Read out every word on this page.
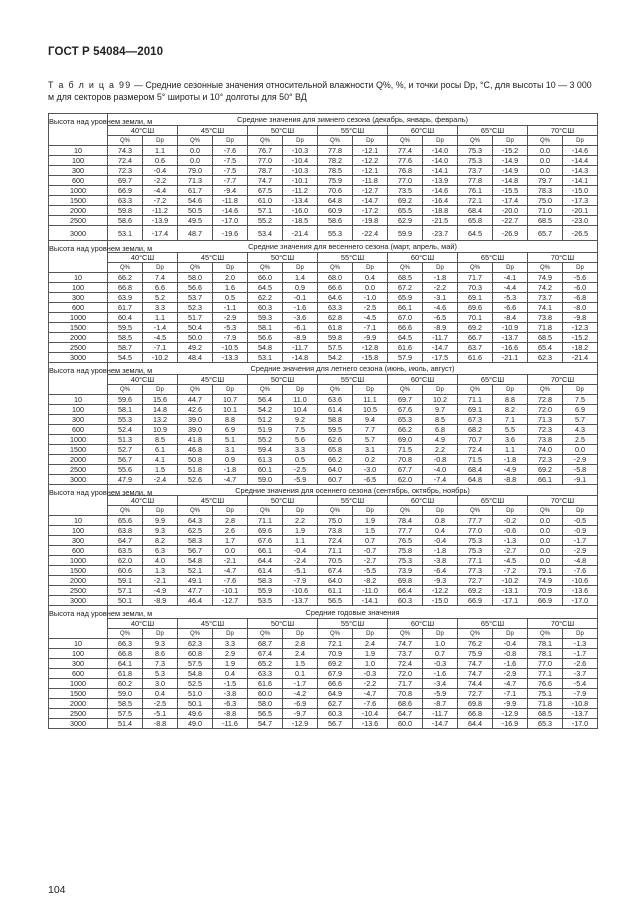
ГОСТ Р 54084—2010
Т а б л и ц а 99 — Средние сезонные значения относительной влажности Q%, %, и точки росы Dp, °С, для высоты 10 — 3 000 м для секторов размером 5° широты и 10° долготы для 50° ВД
Высота над уровнем земли, м	Средние значения для зимнего сезона (декабрь, январь, февраль)													
	40°СШ		45°СШ		50°СШ		55°СШ		60°СШ		65°СШ		70°СШ	
	Q%	Dp	Q%	Dp	Q%	Dp	Q%	Dp	Q%	Dp	Q%	Dp	Q%	Dp
10	74.3	1.1	0.0	-7.6	76.7	-10.3	77.8	-12.1	77.4	-14.0	75.3	-15.2	0.0	-14.6
100	72.4	0.6	0.0	-7.5	77.0	-10.4	78.2	-12.2	77.6	-14.0	75.3	-14.9	0.0	-14.4
300	72.3	-0.4	79.0	-7.5	78.7	-10.3	78.5	-12.1	76.8	-14.1	73.7	-14.9	0.0	-14.3
600	69.7	-2.2	71.3	-7.7	74.7	-10.1	75.9	-11.8	77.0	-13.9	77.8	-14.8	79.7	-14.1
1000	66.9	-4.4	61.7	-9.4	67.5	-11.2	70.6	-12.7	73.5	-14.6	76.1	-15.5	78.3	-15.0
1500	63.3	-7.2	54.6	-11.8	61.0	-13.4	64.8	-14.7	69.2	-16.4	72.1	-17.4	75.0	-17.3
2000	59.8	-11.2	50.5	-14.6	57.1	-16.0	60.9	-17.2	65.5	-18.8	68.4	-20.0	71.0	-20.1
2500	58.6	-13.9	49.5	-17.0	55.2	-18.5	58.6	-19.8	62.9	-21.5	65.8	-22.7	68.5	-23.0
3000	53.1	-17.4	48.7	-19.6	53.4	-21.4	55.3	-22.4	59.9	-23.7	64.5	-26.9	65.7	-26.5
Высота над уровнем земли, м	Средние значения для весеннего сезона (март, апрель, май)													
	40°СШ		45°СШ		50°СШ		55°СШ		60°СШ		65°СШ		70°СШ	
	Q%	Dp	Q%	Dp	Q%	Dp	Q%	Dp	Q%	Dp	Q%	Dp	Q%	Dp
10	66.2	7.4	58.0	2.0	66.0	1.4	68.0	0.4	68.5	-1.8	71.7	-4.1	74.9	-5.6
100	66.8	6.6	56.6	1.6	64.5	0.9	66.6	0.0	67.2	-2.2	70.3	-4.4	74.2	-6.0
300	63.9	5.2	53.7	0.5	62.2	-0.1	64.6	-1.0	65.9	-3.1	69.1	-5.3	73.7	-6.8
600	61.7	3.3	52.3	-1.1	60.3	-1.6	63.3	-2.5	66.1	-4.6	69.6	-6.6	74.1	-8.0
1000	60.4	1.1	51.7	-2.9	59.3	-3.6	62.8	-4.5	67.0	-6.5	70.1	-8.4	73.8	-9.8
1500	59.5	-1.4	50.4	-5.3	58.1	-6.1	61.8	-7.1	66.6	-8.9	69.2	-10.9	71.8	-12.3
2000	58.5	-4.5	50.0	-7.9	56.6	-8.9	59.8	-9.9	64.5	-11.7	66.7	-13.7	68.5	-15.2
2500	58.7	-7.1	49.2	-10.5	54.8	-11.7	57.5	-12.8	61.6	-14.7	63.7	-16.6	65.4	-18.2
3000	54.5	-10.2	48.4	-13.3	53.1	-14.8	54.2	-15.8	57.9	-17.5	61.6	-21.1	62.3	-21.4
Высота над уровнем земли, м	Средние значения для летнего сезона (июнь, июль, август)													
	40°СШ		45°СШ		50°СШ		55°СШ		60°СШ		65°СШ		70°СШ	
	Q%	Dp	Q%	Dp	Q%	Dp	Q%	Dp	Q%	Dp	Q%	Dp	Q%	Dp
10	59.6	15.6	44.7	10.7	56.4	11.0	63.6	11.1	69.7	10.2	71.1	8.8	72.8	7.5
100	58.1	14.8	42.6	10.1	54.2	10.4	61.4	10.5	67.6	9.7	69.1	8.2	72.0	6.9
300	55.3	13.2	39.0	8.8	51.2	9.2	58.8	9.4	65.3	8.5	67.3	7.1	71.3	5.7
600	52.4	10.9	39.0	6.9	51.9	7.5	59.5	7.7	66.2	6.8	68.2	5.5	72.3	4.3
1000	51.3	8.5	41.8	5.1	55.2	5.6	62.6	5.7	69.0	4.9	70.7	3.6	73.8	2.5
1500	52.7	6.1	46.8	3.1	59.4	3.3	65.8	3.1	71.5	2.2	72.4	1.1	74.0	0.0
2000	56.7	4.1	50.8	0.9	61.3	0.5	66.2	0.2	70.8	-0.8	71.5	-1.8	72.3	-2.9
2500	55.6	1.5	51.8	-1.8	60.1	-2.5	64.0	-3.0	67.7	-4.0	68.4	-4.9	69.2	-5.8
3000	47.9	-2.4	52.6	-4.7	59.0	-5.9	60.7	-6.5	62.0	-7.4	64.8	-8.8	66.1	-9.1
Высота над уровнем земли, м	Средние значения для осеннего сезона (сентябрь, октябрь, ноябрь)													
	40°СШ		45°СШ		50°СШ		55°СШ		60°СШ		65°СШ		70°СШ	
	Q%	Dp	Q%	Dp	Q%	Dp	Q%	Dp	Q%	Dp	Q%	Dp	Q%	Dp
10	65.6	9.9	64.3	2.8	71.1	2.2	75.0	1.9	78.4	0.8	77.7	-0.2	0.0	-0.5
100	63.8	9.3	62.5	2.6	69.6	1.9	73.8	1.5	77.7	0.4	77.0	-0.6	0.0	-0.9
300	64.7	8.2	58.3	1.7	67.6	1.1	72.4	0.7	76.5	-0.4	75.3	-1.3	0.0	-1.7
600	63.5	6.3	56.7	0.0	66.1	-0.4	71.1	-0.7	75.8	-1.8	75.3	-2.7	0.0	-2.9
1000	62.0	4.0	54.8	-2.1	64.4	-2.4	70.5	-2.7	75.3	-3.8	77.1	-4.5	0.0	-4.8
1500	60.6	1.3	52.1	-4.7	61.4	-5.1	67.4	-5.5	73.9	-6.4	77.3	-7.2	79.1	-7.6
2000	59.1	-2.1	49.1	-7.6	58.3	-7.9	64.0	-8.2	69.8	-9.3	72.7	-10.2	74.9	-10.6
2500	57.1	-4.9	47.7	-10.1	55.9	-10.6	61.1	-11.0	66.4	-12.2	69.2	-13.1	70.9	-13.6
3000	50.1	-8.9	46.4	-12.7	53.5	-13.7	56.5	-14.1	60.3	-15.0	66.9	-17.1	66.9	-17.0
Высота над уровнем земли, м	Средние годовые значения													
	40°СШ		45°СШ		50°СШ		55°СШ		60°СШ		65°СШ		70°СШ	
	Q%	Dp	Q%	Dp	Q%	Dp	Q%	Dp	Q%	Dp	Q%	Dp	Q%	Dp
10	66.3	9.3	62.3	3.3	68.7	2.8	72.1	2.4	74.7	1.0	76.2	-0.4	78.1	-1.3
100	66.8	8.6	60.8	2.9	67.4	2.4	70.9	1.9	73.7	0.7	75.9	-0.8	78.1	-1.7
300	64.1	7.3	57.5	1.9	65.2	1.5	69.2	1.0	72.4	-0.3	74.7	-1.6	77.0	-2.6
600	61.8	5.3	54.8	0.4	63.3	0.1	67.9	-0.3	72.0	-1.6	74.7	-2.9	77.1	-3.7
1000	60.2	3.0	52.5	-1.5	61.6	-1.7	66.6	-2.2	71.7	-3.4	74.4	-4.7	76.6	-5.4
1500	59.0	0.4	51.0	-3.8	60.0	-4.2	64.9	-4.7	70.8	-5.9	72.7	-7.1	75.1	-7.9
2000	58.5	-2.5	50.1	-6.3	58.0	-6.9	62.7	-7.6	68.6	-8.7	69.8	-9.9	71.8	-10.8
2500	57.5	-5.1	49.6	-8.8	56.5	-9.7	60.3	-10.4	64.7	-11.7	66.8	-12.9	68.5	-13.7
3000	51.4	-8.8	49.0	-11.6	54.7	-12.9	56.7	-13.6	60.0	-14.7	64.4	-16.9	65.3	-17.0
104
